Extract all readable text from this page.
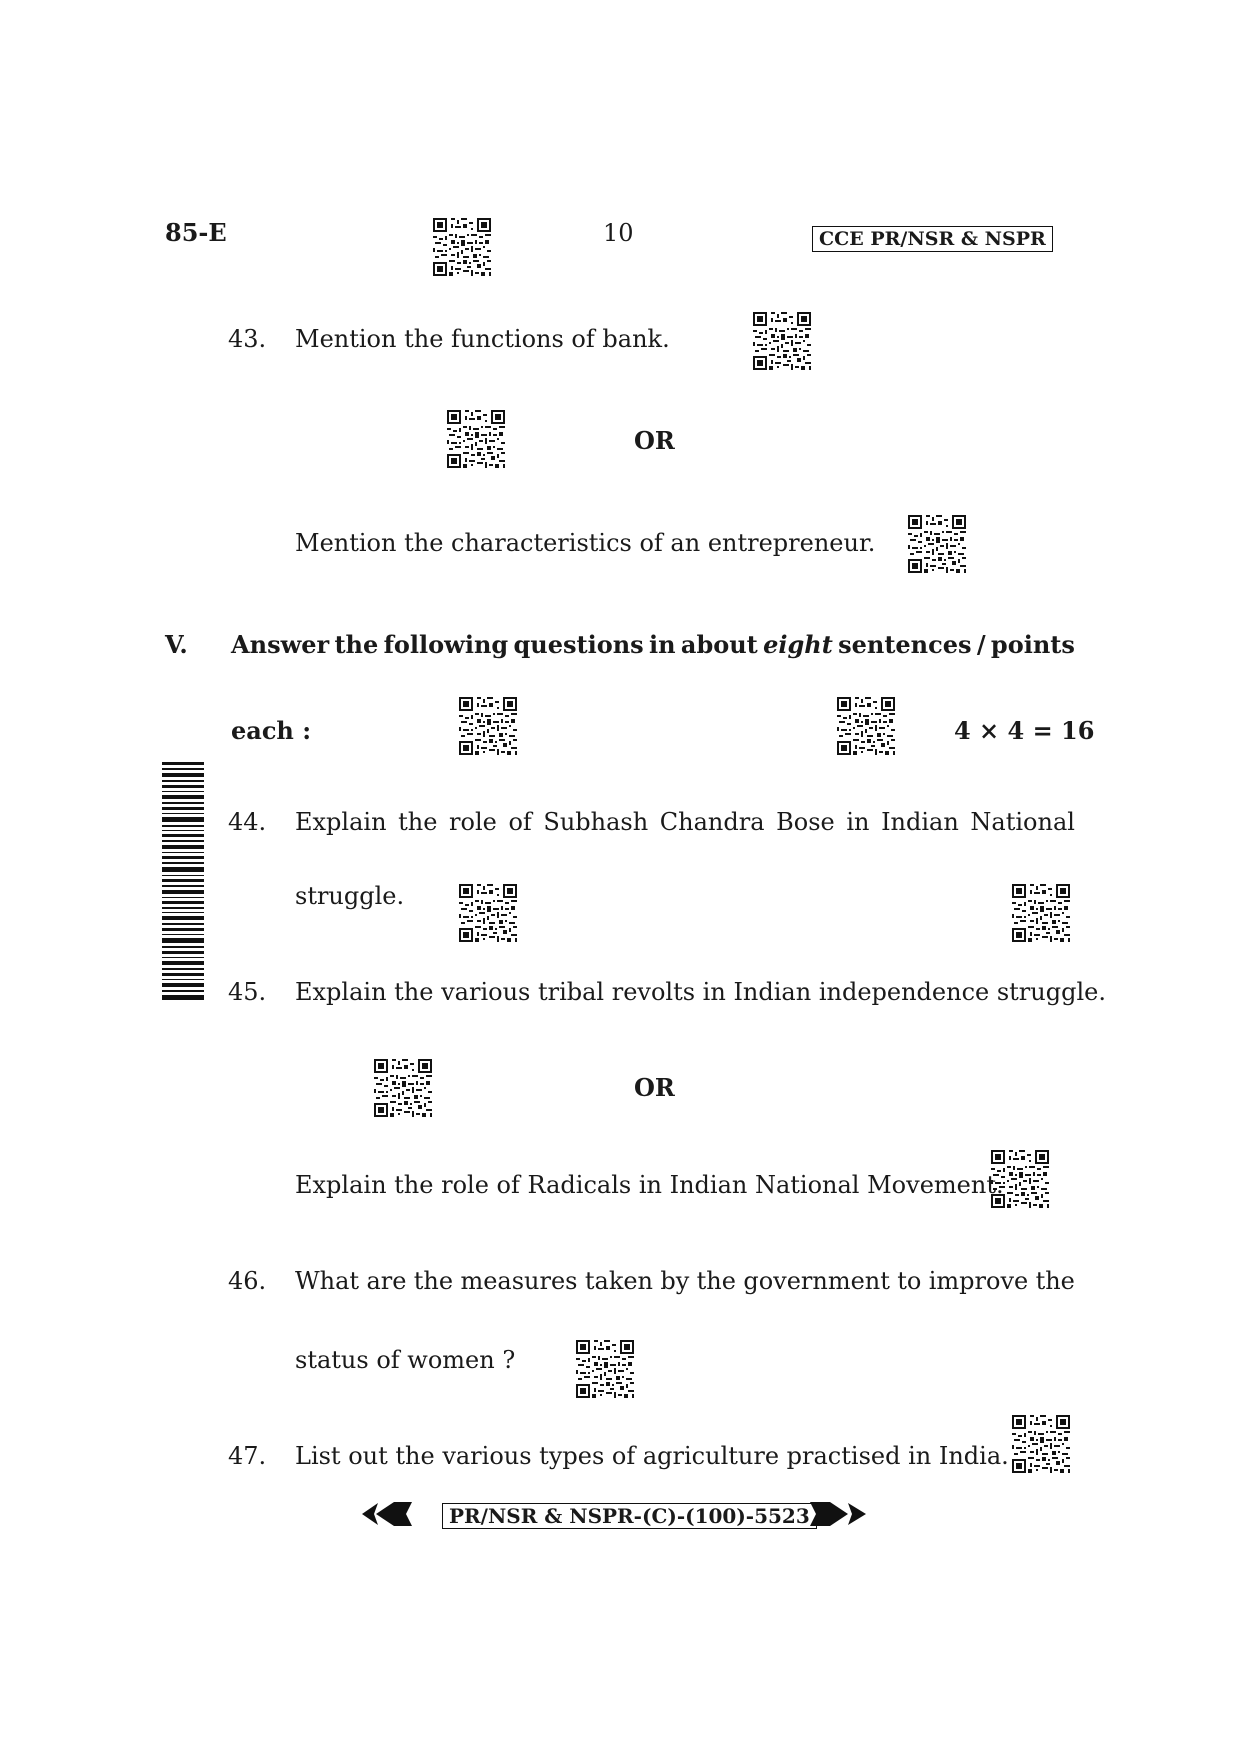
85-E	10	CCE PR/NSR & NSPR
43. Mention the functions of bank.
OR
Mention the characteristics of an entrepreneur.
V. Answer the following questions in about eight sentences / points
each :	4 × 4 = 16
44. Explain the role of Subhash Chandra Bose in Indian National
struggle.
45. Explain the various tribal revolts in Indian independence struggle.
OR
Explain the role of Radicals in Indian National Movement.
46. What are the measures taken by the government to improve the
status of women ?
47. List out the various types of agriculture practised in India.
PR/NSR & NSPR-(C)-(100)-5523
